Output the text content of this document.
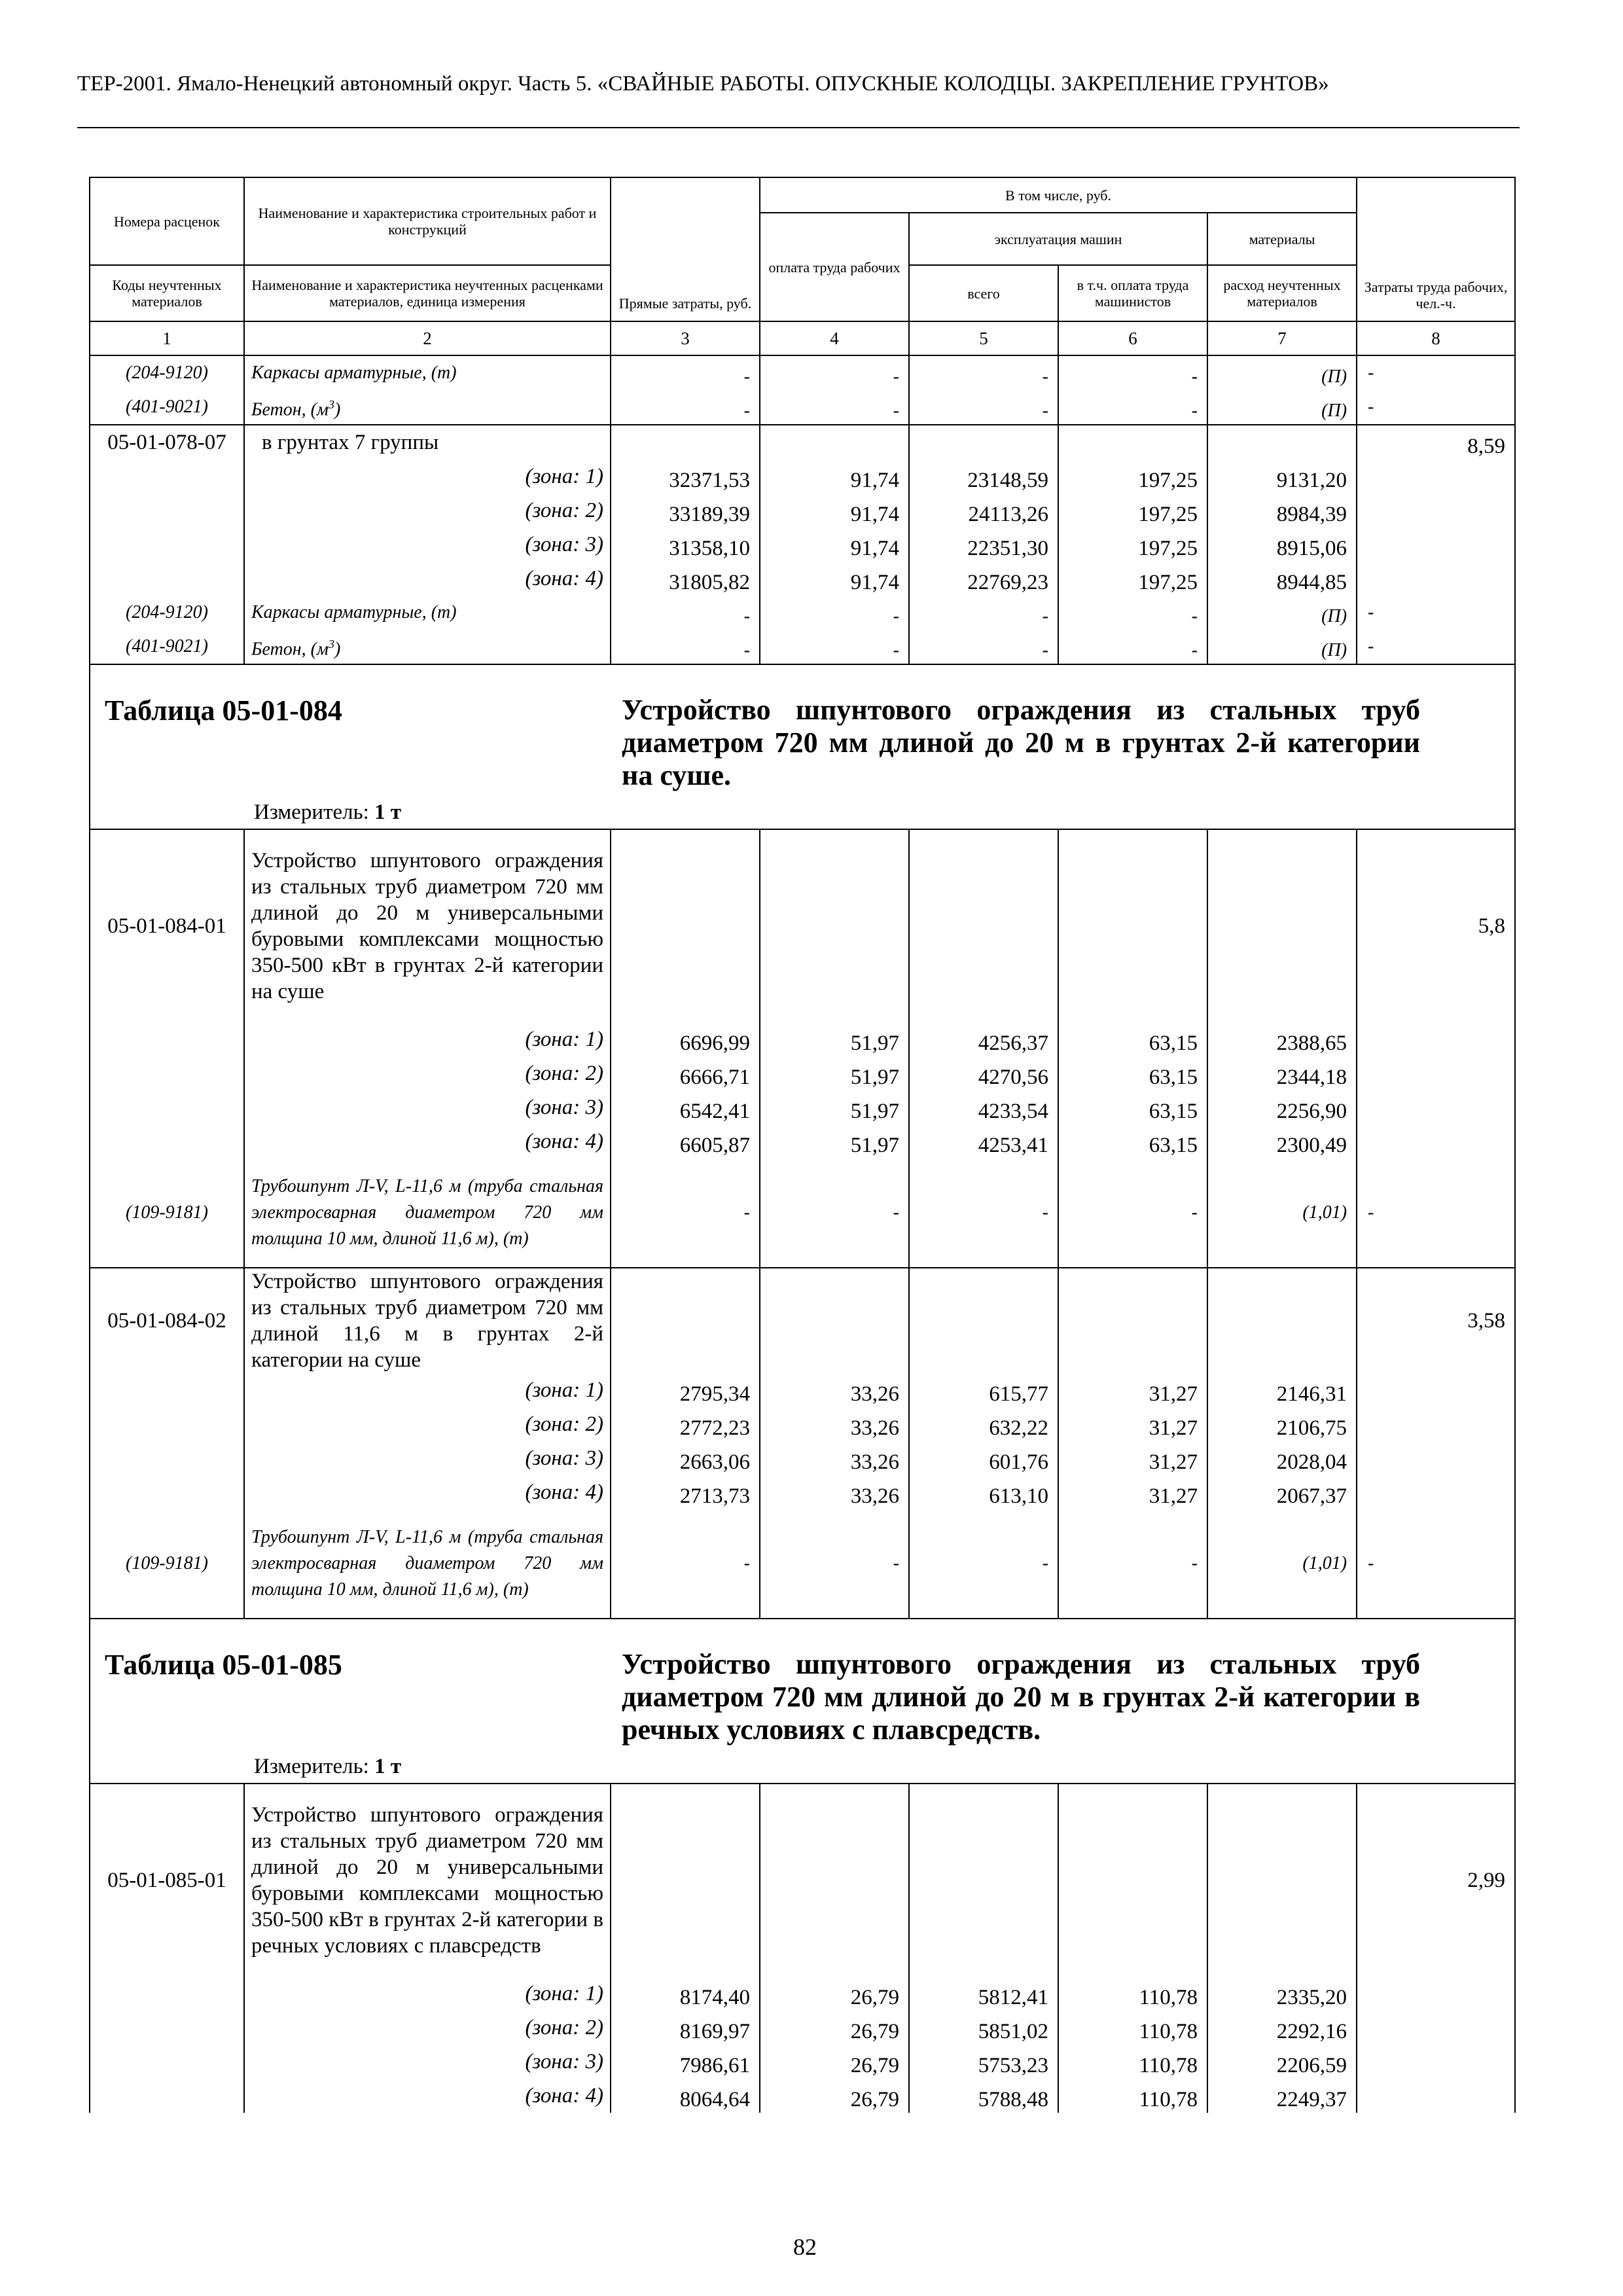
ТЕР-2001. Ямало-Ненецкий автономный округ. Часть 5. «СВАЙНЫЕ РАБОТЫ. ОПУСКНЫЕ КОЛОДЦЫ. ЗАКРЕПЛЕНИЕ ГРУНТОВ»
Номера расценок	Наименование и характеристика строительных работ и конструкций	Прямые затраты, руб.	В том числе, руб.				Затраты труда рабочих, чел.-ч.
			оплата труда рабочих	эксплуатация машин		материалы	
Коды неучтенных материалов	Наименование и характеристика неучтенных расценками материалов, единица измерения			всего	в т.ч. оплата труда машинистов	расход неучтенных материалов	
1	2	3	4	5	6	7	8
(204-9120)	Каркасы арматурные, (т)	-	-	-	-	(П)	-
(401-9021)	Бетон, $(м^3)$	-	-	-	-	(П)	-
05-01-078-07	в грунтах 7 группы						8,59
	(зона: 1)	32371,53	91,74	23148,59	197,25	9131,20	
	(зона: 2)	33189,39	91,74	24113,26	197,25	8984,39	
	(зона: 3)	31358,10	91,74	22351,30	197,25	8915,06	
	(зона: 4)	31805,82	91,74	22769,23	197,25	8944,85	
(204-9120)	Каркасы арматурные, (т)	-	-	-	-	(П)	-
(401-9021)	Бетон, $(м^3)$	-	-	-	-	(П)	-

Таблица 05-01-084 Устройство шпунтового ограждения из стальных труб диаметром 720 мм длиной до 20 м в грунтах 2-й категории на суше.
Измеритель: 1 т							

05-01-084-01	Устройство шпунтового ограждения из стальных труб диаметром 720 мм длиной до 20 м универсальными буровыми комплексами мощностью 350-500 кВт в грунтах 2-й категории на суше						5,8
	(зона: 1)	6696,99	51,97	4256,37	63,15	2388,65	
	(зона: 2)	6666,71	51,97	4270,56	63,15	2344,18	
	(зона: 3)	6542,41	51,97	4233,54	63,15	2256,90	
	(зона: 4)	6605,87	51,97	4253,41	63,15	2300,49	
(109-9181)	Трубошпунт Л-V, L-11,6 м (труба стальная электросварная диаметром 720 мм толщина 10 мм, длиной 11,6 м), (т)	-	-	-	-	(1,01)	-
05-01-084-02	Устройство шпунтового ограждения из стальных труб диаметром 720 мм длиной 11,6 м в грунтах 2-й категории на суше						3,58
	(зона: 1)	2795,34	33,26	615,77	31,27	2146,31	
	(зона: 2)	2772,23	33,26	632,22	31,27	2106,75	
	(зона: 3)	2663,06	33,26	601,76	31,27	2028,04	
	(зона: 4)	2713,73	33,26	613,10	31,27	2067,37	
(109-9181)	Трубошпунт Л-V, L-11,6 м (труба стальная электросварная диаметром 720 мм толщина 10 мм, длиной 11,6 м), (т)	-	-	-	-	(1,01)	-

Таблица 05-01-085 Устройство шпунтового ограждения из стальных труб диаметром 720 мм длиной до 20 м в грунтах 2-й категории в речных условиях с плавсредств.
Измеритель: 1 т							

05-01-085-01	Устройство шпунтового ограждения из стальных труб диаметром 720 мм длиной до 20 м универсальными буровыми комплексами мощностью 350-500 кВт в грунтах 2-й категории в речных условиях с плавсредств						2,99
	(зона: 1)	8174,40	26,79	5812,41	110,78	2335,20	
	(зона: 2)	8169,97	26,79	5851,02	110,78	2292,16	
	(зона: 3)	7986,61	26,79	5753,23	110,78	2206,59	
	(зона: 4)	8064,64	26,79	5788,48	110,78	2249,37	
82
